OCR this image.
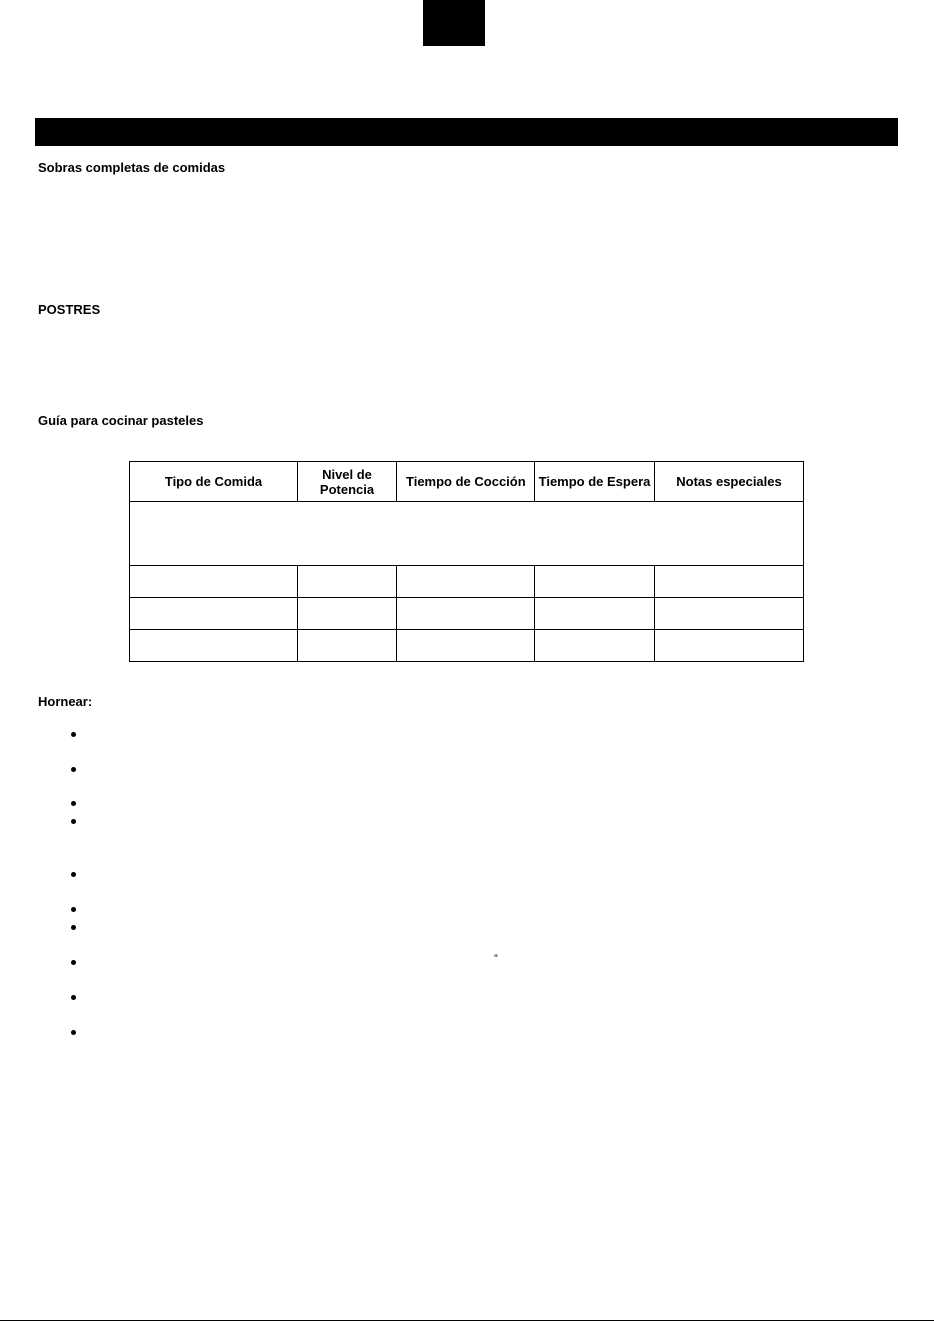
Sobras completas de comidas
POSTRES
Guía para cocinar pasteles
Tipo de Comida	Nivel de Potencia	Tiempo de Cocción	Tiempo de Espera	Notas especiales

Hornear:
”
